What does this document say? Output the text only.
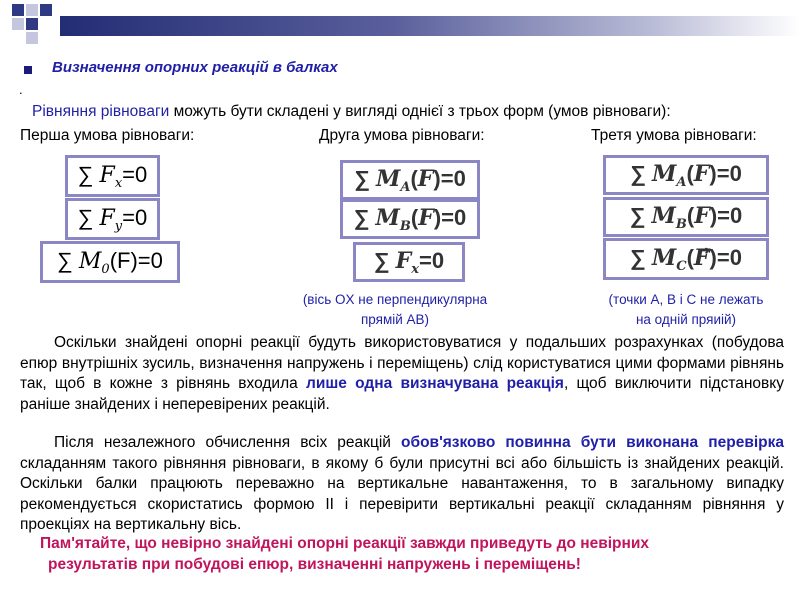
Визначення опорних реакцій в балках
.
Рівняння рівноваги можуть бути складені у вигляді однієї з трьох форм (умов рівноваги):
Перша умова рівноваги:	Друга умова рівноваги:	Третя умова рівноваги:
∑ $F_x=0$
∑ $F_y=0$
∑ $M_0(F)=0$
∑ $M_A(F)=0$
∑ $M_B(F)=0$
∑ $F_x=0$
∑ $M_A(F)=0$
∑ $M_B(F)=0$
∑ $M_C(F⃗)=0$
(вісь OX не перпендикулярна
прямій AB)
(точки A, B і C не лежать
на одній пряиій)
Оскільки знайдені опорні реакції будуть використовуватися у подальших розрахунках (побудова епюр внутрішніх зусиль, визначення напружень і переміщень) слід користуватися цими формами рівнянь так, щоб в кожне з рівнянь входила лише одна визначувана реакція, щоб виключити підстановку раніше знайдених і неперевірених реакцій.
Після незалежного обчислення всіх реакцій обов'язково повинна бути виконана перевірка складанням такого рівняння рівноваги, в якому б були присутні всі або більшість із знайдених реакцій. Оскільки балки працюють переважно на вертикальне навантаження, то в загальному випадку рекомендується скористатись формою ІІ і перевірити вертикальні реакції складанням рівняння у проекціях на вертикальну вісь.
Пам'ятайте, що невірно знайдені опорні реакції завжди приведуть до невірних
результатів при побудові епюр, визначенні напружень і переміщень!
